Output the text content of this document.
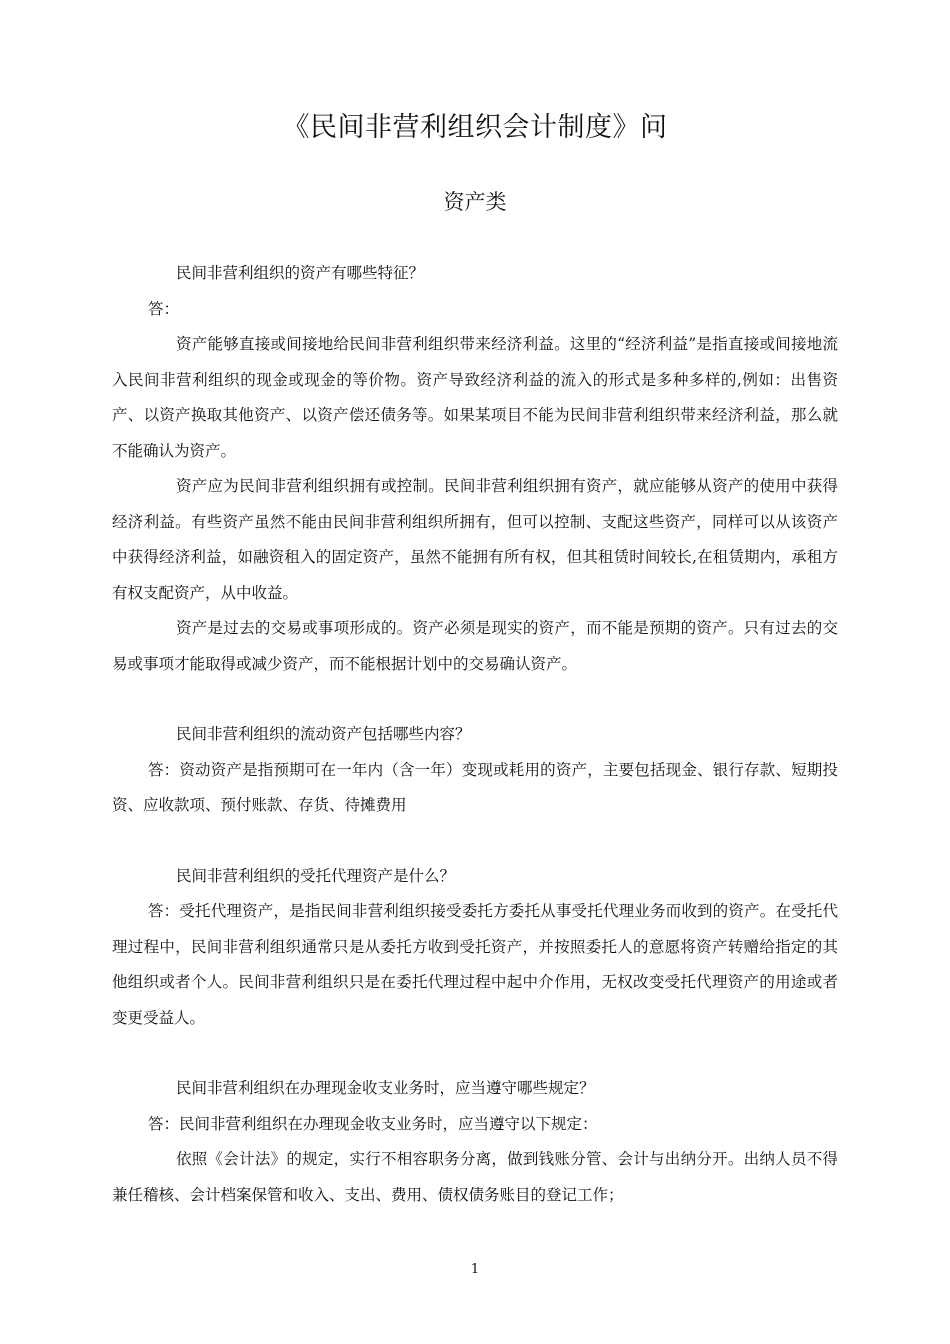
《民间非营利组织会计制度》问
资产类

民间非营利组织的资产有哪些特征？

答：

资产能够直接或间接地给民间非营利组织带来经济利益。这里的“经济利益”是指直接或间接地流入民间非营利组织的现金或现金的等价物。资产导致经济利益的流入的形式是多种多样的,例如：出售资产、以资产换取其他资产、以资产偿还债务等。如果某项目不能为民间非营利组织带来经济利益，那么就不能确认为资产。

资产应为民间非营利组织拥有或控制。民间非营利组织拥有资产，就应能够从资产的使用中获得经济利益。有些资产虽然不能由民间非营利组织所拥有，但可以控制、支配这些资产，同样可以从该资产中获得经济利益，如融资租入的固定资产，虽然不能拥有所有权，但其租赁时间较长,在租赁期内，承租方有权支配资产，从中收益。

资产是过去的交易或事项形成的。资产必须是现实的资产，而不能是预期的资产。只有过去的交易或事项才能取得或减少资产，而不能根据计划中的交易确认资产。

民间非营利组织的流动资产包括哪些内容？

答：资动资产是指预期可在一年内（含一年）变现或耗用的资产，主要包括现金、银行存款、短期投资、应收款项、预付账款、存货、待摊费用

民间非营利组织的受托代理资产是什么？

答：受托代理资产，是指民间非营利组织接受委托方委托从事受托代理业务而收到的资产。在受托代理过程中，民间非营利组织通常只是从委托方收到受托资产，并按照委托人的意愿将资产转赠给指定的其他组织或者个人。民间非营利组织只是在委托代理过程中起中介作用，无权改变受托代理资产的用途或者变更受益人。

民间非营利组织在办理现金收支业务时，应当遵守哪些规定？

答：民间非营利组织在办理现金收支业务时，应当遵守以下规定：

依照《会计法》的规定，实行不相容职务分离，做到钱账分管、会计与出纳分开。出纳人员不得兼任稽核、会计档案保管和收入、支出、费用、债权债务账目的登记工作；

1
